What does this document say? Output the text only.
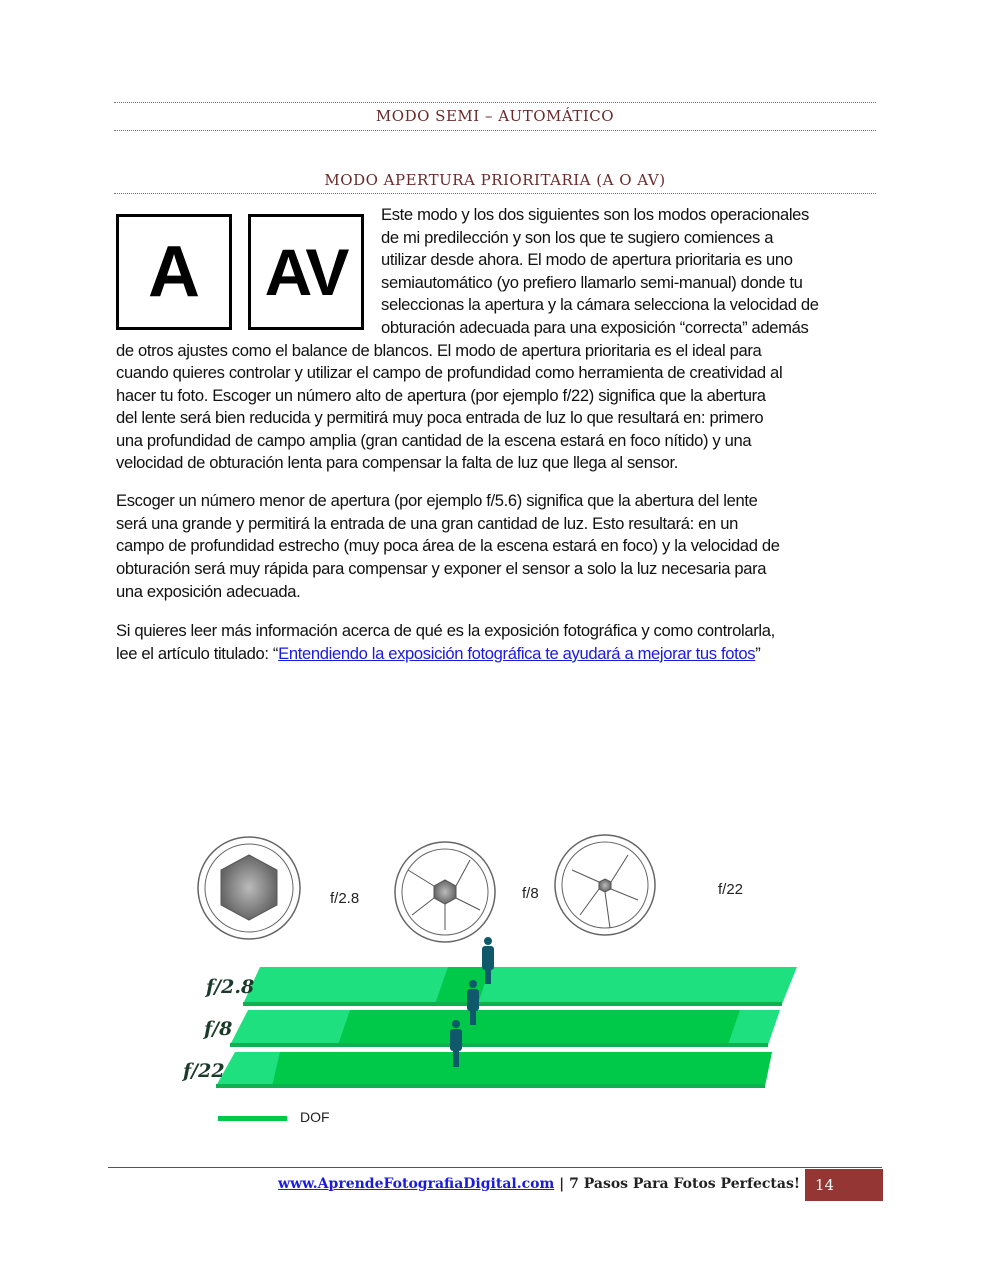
MODO SEMI – AUTOMÁTICO
MODO APERTURA PRIORITARIA (A O AV)
A AV
Este modo y los dos siguientes son los modos operacionales
de mi predilección y son los que te sugiero comiences a
utilizar desde ahora. El modo de apertura prioritaria es uno
semiautomático (yo prefiero llamarlo semi-manual) donde tu
seleccionas la apertura y la cámara selecciona la velocidad de
obturación adecuada para una exposición “correcta” además
de otros ajustes como el balance de blancos. El modo de apertura prioritaria es el ideal para
cuando quieres controlar y utilizar el campo de profundidad como herramienta de creatividad al
hacer tu foto. Escoger un número alto de apertura (por ejemplo f/22) significa que la abertura
del lente será bien reducida y permitirá muy poca entrada de luz lo que resultará en: primero
una profundidad de campo amplia (gran cantidad de la escena estará en foco nítido) y una
velocidad de obturación lenta para compensar la falta de luz que llega al sensor.
Escoger un número menor de apertura (por ejemplo f/5.6) significa que la abertura del lente
será una grande y permitirá la entrada de una gran cantidad de luz. Esto resultará: en un
campo de profundidad estrecho (muy poca área de la escena estará en foco) y la velocidad de
obturación será muy rápida para compensar y exponer el sensor a solo la luz necesaria para
una exposición adecuada.
Si quieres leer más información acerca de qué es la exposición fotográfica y como controlarla,
lee el artículo titulado: “Entendiendo la exposición fotográfica te ayudará a mejorar tus fotos”
f/2.8	f/8	f/22
f/2.8
f/8
f/22
DOF
www.AprendeFotografiaDigital.com | 7 Pasos Para Fotos Perfectas!	14
